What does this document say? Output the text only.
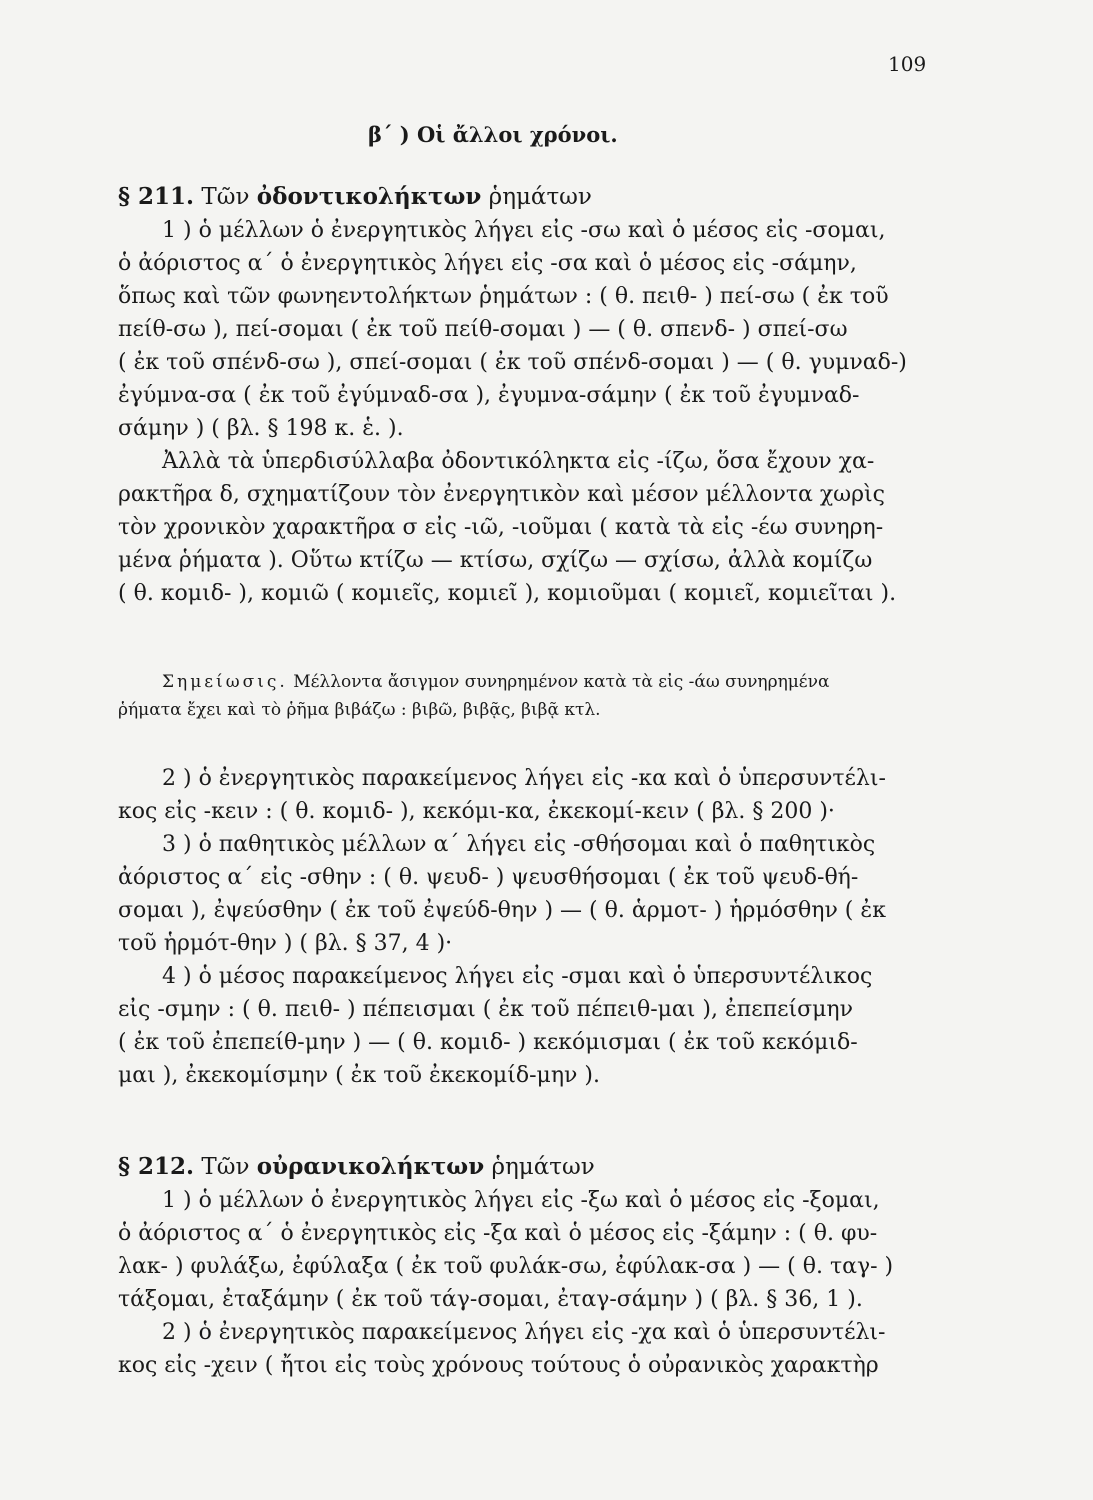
109
β΄ ) Οἱ ἄλλοι χρόνοι.
§ 211. Τῶν ὀδοντικολήκτων ῥημάτων
1 ) ὁ μέλλων ὁ ἐνεργητικὸς λήγει εἰς -σω καὶ ὁ μέσος εἰς -σομαι,
ὁ ἀόριστος α΄ ὁ ἐνεργητικὸς λήγει εἰς -σα καὶ ὁ μέσος εἰς -σάμην,
ὅπως καὶ τῶν φωνηεντολήκτων ῥημάτων : ( θ. πειθ- ) πεί-σω ( ἐκ τοῦ
πείθ-σω ), πεί-σομαι ( ἐκ τοῦ πείθ-σομαι ) — ( θ. σπενδ- ) σπεί-σω
( ἐκ τοῦ σπένδ-σω ), σπεί-σομαι ( ἐκ τοῦ σπένδ-σομαι ) — ( θ. γυμναδ-)
ἐγύμνα-σα ( ἐκ τοῦ ἐγύμναδ-σα ), ἐγυμνα-σάμην ( ἐκ τοῦ ἐγυμναδ-
σάμην ) ( βλ. § 198 κ. ἑ. ).
Ἀλλὰ τὰ ὑπερδισύλλαβα ὀδοντικόληκτα εἰς -ίζω, ὅσα ἔχουν χα-
ρακτῆρα δ, σχηματίζουν τὸν ἐνεργητικὸν καὶ μέσον μέλλοντα χωρὶς
τὸν χρονικὸν χαρακτῆρα σ εἰς -ιῶ, -ιοῦμαι ( κατὰ τὰ εἰς -έω συνηρη-
μένα ῥήματα ). Οὕτω κτίζω — κτίσω, σχίζω — σχίσω, ἀλλὰ κομίζω
( θ. κομιδ- ), κομιῶ ( κομιεῖς, κομιεῖ ), κομιοῦμαι ( κομιεῖ, κομιεῖται ).
Σημείωσις. Μέλλοντα ἄσιγμον συνηρημένον κατὰ τὰ εἰς -άω συνηρημένα
ῥήματα ἔχει καὶ τὸ ῥῆμα βιβάζω : βιβῶ, βιβᾷς, βιβᾷ κτλ.
2 ) ὁ ἐνεργητικὸς παρακείμενος λήγει εἰς -κα καὶ ὁ ὑπερσυντέλι-
κος εἰς -κειν : ( θ. κομιδ- ), κεκόμι-κα, ἐκεκομί-κειν ( βλ. § 200 )·
3 ) ὁ παθητικὸς μέλλων α΄ λήγει εἰς -σθήσομαι καὶ ὁ παθητικὸς
ἀόριστος α΄ εἰς -σθην : ( θ. ψευδ- ) ψευσθήσομαι ( ἐκ τοῦ ψευδ-θή-
σομαι ), ἐψεύσθην ( ἐκ τοῦ ἐψεύδ-θην ) — ( θ. ἁρμοτ- ) ἡρμόσθην ( ἐκ
τοῦ ἡρμότ-θην ) ( βλ. § 37, 4 )·
4 ) ὁ μέσος παρακείμενος λήγει εἰς -σμαι καὶ ὁ ὑπερσυντέλικος
εἰς -σμην : ( θ. πειθ- ) πέπεισμαι ( ἐκ τοῦ πέπειθ-μαι ), ἐπεπείσμην
( ἐκ τοῦ ἐπεπείθ-μην ) — ( θ. κομιδ- ) κεκόμισμαι ( ἐκ τοῦ κεκόμιδ-
μαι ), ἐκεκομίσμην ( ἐκ τοῦ ἐκεκομίδ-μην ).
§ 212. Τῶν οὐρανικολήκτων ῥημάτων
1 ) ὁ μέλλων ὁ ἐνεργητικὸς λήγει εἰς -ξω καὶ ὁ μέσος εἰς -ξομαι,
ὁ ἀόριστος α΄ ὁ ἐνεργητικὸς εἰς -ξα καὶ ὁ μέσος εἰς -ξάμην : ( θ. φυ-
λακ- ) φυλάξω, ἐφύλαξα ( ἐκ τοῦ φυλάκ-σω, ἐφύλακ-σα ) — ( θ. ταγ- )
τάξομαι, ἐταξάμην ( ἐκ τοῦ τάγ-σομαι, ἐταγ-σάμην ) ( βλ. § 36, 1 ).
2 ) ὁ ἐνεργητικὸς παρακείμενος λήγει εἰς -χα καὶ ὁ ὑπερσυντέλι-
κος εἰς -χειν ( ἤτοι εἰς τοὺς χρόνους τούτους ὁ οὐρανικὸς χαρακτὴρ
